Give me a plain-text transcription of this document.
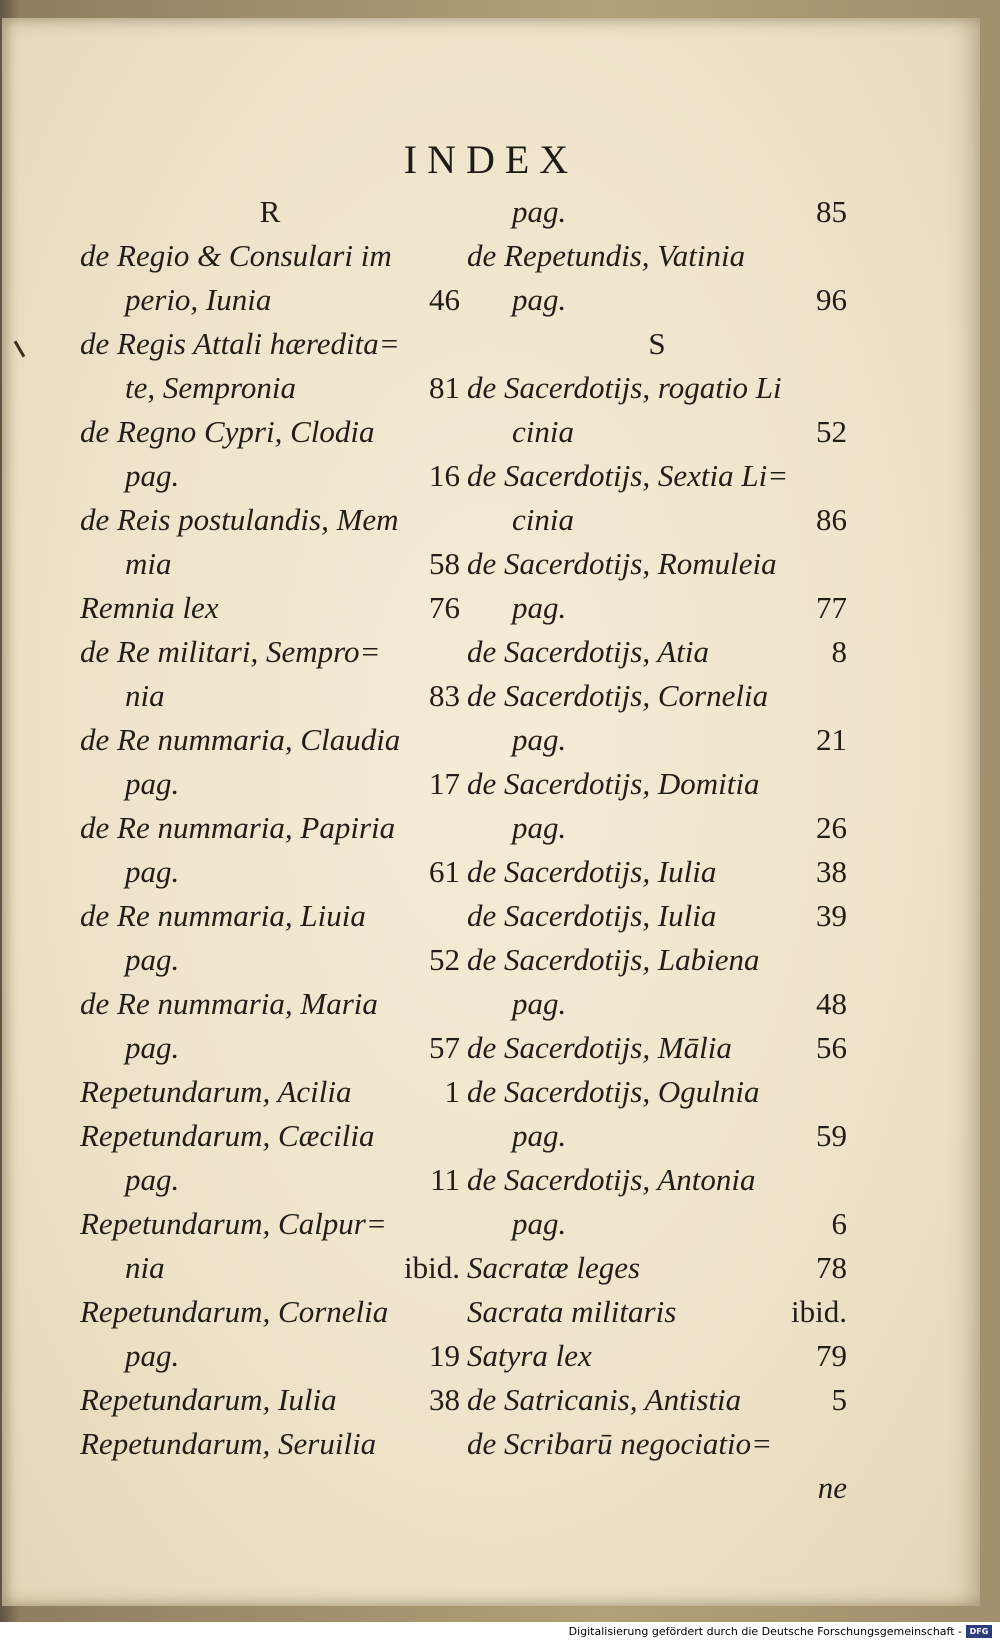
INDEX
R
de Regio & Consulari im
perio, Iunia	46
de Regis Attali hæredita=
te, Sempronia	81
de Regno Cypri, Clodia
pag.	16
de Reis postulandis, Mem
mia	58
Remnia lex	76
de Re militari, Sempro=
nia	83
de Re nummaria, Claudia
pag.	17
de Re nummaria, Papiria
pag.	61
de Re nummaria, Liuia
pag.	52
de Re nummaria, Maria
pag.	57
Repetundarum, Acilia	1
Repetundarum, Cæcilia
pag.	11
Repetundarum, Calpur=
nia	ibid.
Repetundarum, Cornelia
pag.	19
Repetundarum, Iulia	38
Repetundarum, Seruilia
pag.	85
de Repetundis, Vatinia
pag.	96
S
de Sacerdotijs, rogatio Li
cinia	52
de Sacerdotijs, Sextia Li=
cinia	86
de Sacerdotijs, Romuleia
pag.	77
de Sacerdotijs, Atia	8
de Sacerdotijs, Cornelia
pag.	21
de Sacerdotijs, Domitia
pag.	26
de Sacerdotijs, Iulia	38
de Sacerdotijs, Iulia	39
de Sacerdotijs, Labiena
pag.	48
de Sacerdotijs, Mālia	56
de Sacerdotijs, Ogulnia
pag.	59
de Sacerdotijs, Antonia
pag.	6
Sacratæ leges	78
Sacrata militaris	ibid.
Satyra lex	79
de Satricanis, Antistia	5
de Scribarū negociatio=
ne
Digitalisierung gefördert durch die Deutsche Forschungsgemeinschaft - DFG
